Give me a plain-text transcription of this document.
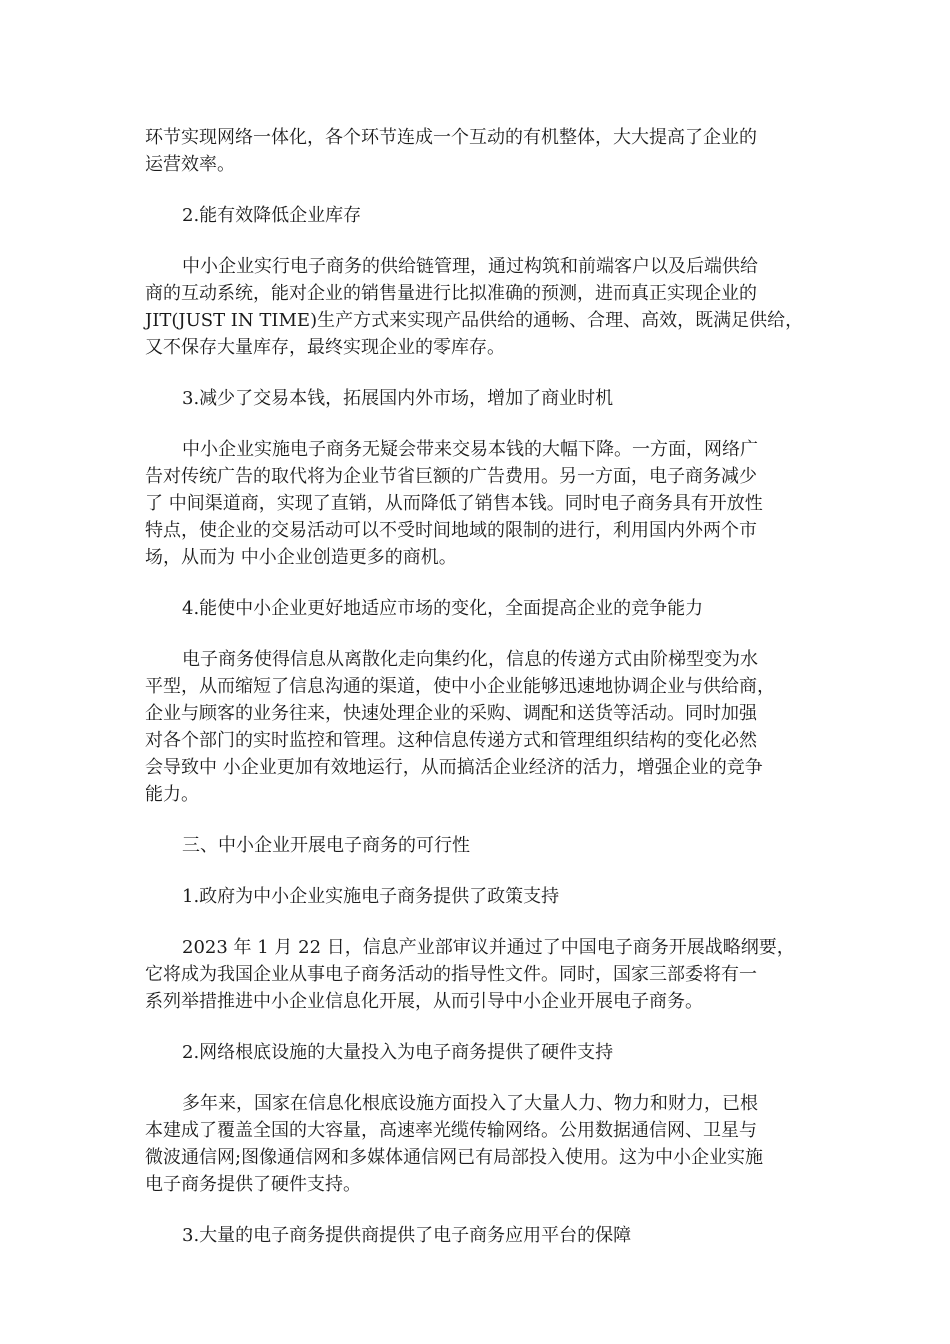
环节实现网络一体化，各个环节连成一个互动的有机整体，大大提高了企业的
运营效率。
2.能有效降低企业库存
中小企业实行电子商务的供给链管理，通过构筑和前端客户以及后端供给
商的互动系统，能对企业的销售量进行比拟准确的预测，进而真正实现企业的
JIT(JUST IN TIME)生产方式来实现产品供给的通畅、合理、高效，既满足供给，
又不保存大量库存，最终实现企业的零库存。
3.减少了交易本钱，拓展国内外市场，增加了商业时机
中小企业实施电子商务无疑会带来交易本钱的大幅下降。一方面，网络广
告对传统广告的取代将为企业节省巨额的广告费用。另一方面，电子商务减少
了 中间渠道商，实现了直销，从而降低了销售本钱。同时电子商务具有开放性
特点，使企业的交易活动可以不受时间地域的限制的进行，利用国内外两个市
场，从而为 中小企业创造更多的商机。
4.能使中小企业更好地适应市场的变化，全面提高企业的竞争能力
电子商务使得信息从离散化走向集约化，信息的传递方式由阶梯型变为水
平型，从而缩短了信息沟通的渠道，使中小企业能够迅速地协调企业与供给商，
企业与顾客的业务往来，快速处理企业的采购、调配和送货等活动。同时加强
对各个部门的实时监控和管理。这种信息传递方式和管理组织结构的变化必然
会导致中 小企业更加有效地运行，从而搞活企业经济的活力，增强企业的竞争
能力。
三、中小企业开展电子商务的可行性
1.政府为中小企业实施电子商务提供了政策支持
2023 年 1 月 22 日，信息产业部审议并通过了中国电子商务开展战略纲要，
它将成为我国企业从事电子商务活动的指导性文件。同时，国家三部委将有一
系列举措推进中小企业信息化开展，从而引导中小企业开展电子商务。
2.网络根底设施的大量投入为电子商务提供了硬件支持
多年来，国家在信息化根底设施方面投入了大量人力、物力和财力，已根
本建成了覆盖全国的大容量，高速率光缆传输网络。公用数据通信网、卫星与
微波通信网;图像通信网和多媒体通信网已有局部投入使用。这为中小企业实施
电子商务提供了硬件支持。
3.大量的电子商务提供商提供了电子商务应用平台的保障
